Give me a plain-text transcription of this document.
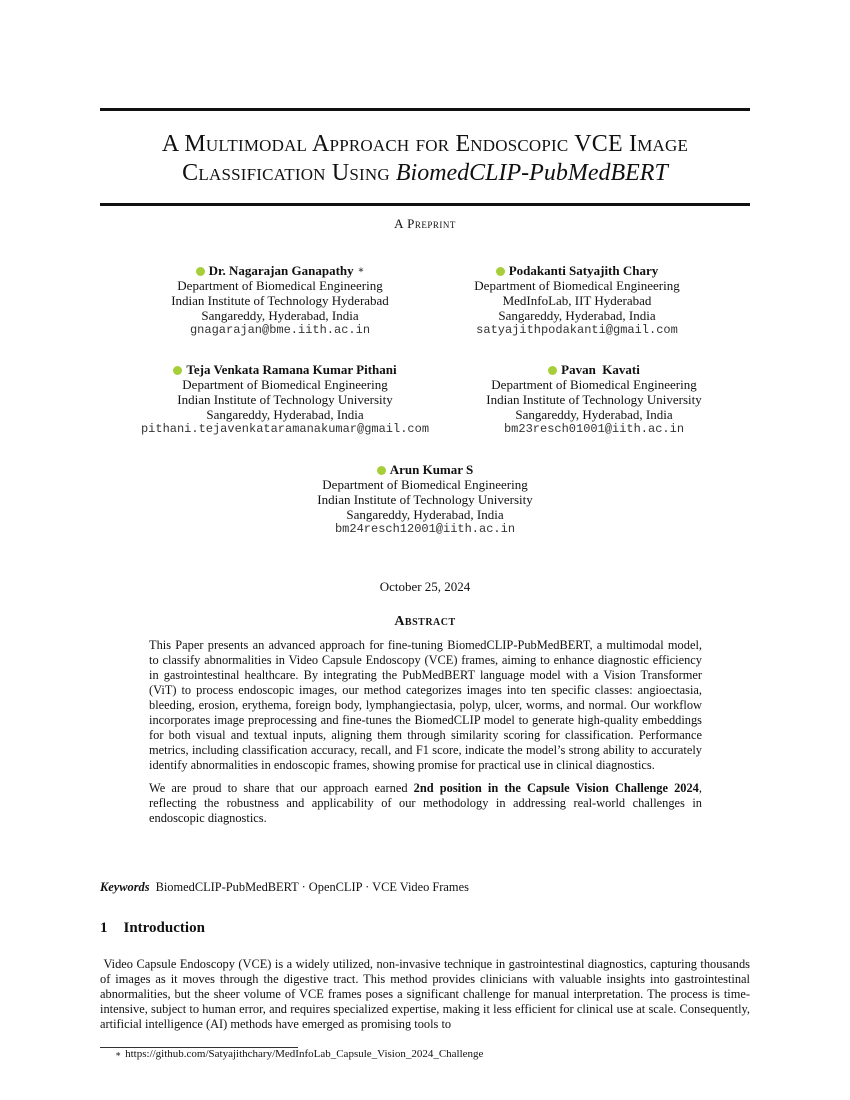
A Multimodal Approach for Endoscopic VCE Image
Classification Using BiomedCLIP-PubMedBERT
A Preprint
Dr. Nagarajan Ganapathy ∗
Department of Biomedical Engineering
Indian Institute of Technology Hyderabad
Sangareddy, Hyderabad, India
gnagarajan@bme.iith.ac.in
Podakanti Satyajith Chary
Department of Biomedical Engineering
MedInfoLab, IIT Hyderabad
Sangareddy, Hyderabad, India
satyajithpodakanti@gmail.com
Teja Venkata Ramana Kumar Pithani
Department of Biomedical Engineering
Indian Institute of Technology University
Sangareddy, Hyderabad, India
pithani.tejavenkataramanakumar@gmail.com
Pavan  Kavati
Department of Biomedical Engineering
Indian Institute of Technology University
Sangareddy, Hyderabad, India
bm23resch01001@iith.ac.in
Arun Kumar S
Department of Biomedical Engineering
Indian Institute of Technology University
Sangareddy, Hyderabad, India
bm24resch12001@iith.ac.in
October 25, 2024
Abstract

This Paper presents an advanced approach for fine-tuning BiomedCLIP-PubMedBERT, a multimodal model, to classify abnormalities in Video Capsule Endoscopy (VCE) frames, aiming to enhance diagnostic efficiency in gastrointestinal healthcare. By integrating the PubMedBERT language model with a Vision Transformer (ViT) to process endoscopic images, our method categorizes images into ten specific classes: angioectasia, bleeding, erosion, erythema, foreign body, lymphangiectasia, polyp, ulcer, worms, and normal. Our workflow incorporates image preprocessing and fine-tunes the BiomedCLIP model to generate high-quality embeddings for both visual and textual inputs, aligning them through similarity scoring for classification. Performance metrics, including classification accuracy, recall, and F1 score, indicate the model’s strong ability to accurately identify abnormalities in endoscopic frames, showing promise for practical use in clinical diagnostics.

We are proud to share that our approach earned 2nd position in the Capsule Vision Challenge 2024, reflecting the robustness and applicability of our methodology in addressing real-world challenges in endoscopic diagnostics.

Keywords BiomedCLIP-PubMedBERT · OpenCLIP · VCE Video Frames
1 Introduction
Video Capsule Endoscopy (VCE) is a widely utilized, non-invasive technique in gastrointestinal diagnostics, capturing thousands of images as it moves through the digestive tract. This method provides clinicians with valuable insights into gastrointestinal abnormalities, but the sheer volume of VCE frames poses a significant challenge for manual interpretation. The process is time-intensive, subject to human error, and requires specialized expertise, making it less efficient for clinical use at scale. Consequently, artificial intelligence (AI) methods have emerged as promising tools to
∗ https://github.com/Satyajithchary/MedInfoLab_Capsule_Vision_2024_Challenge
